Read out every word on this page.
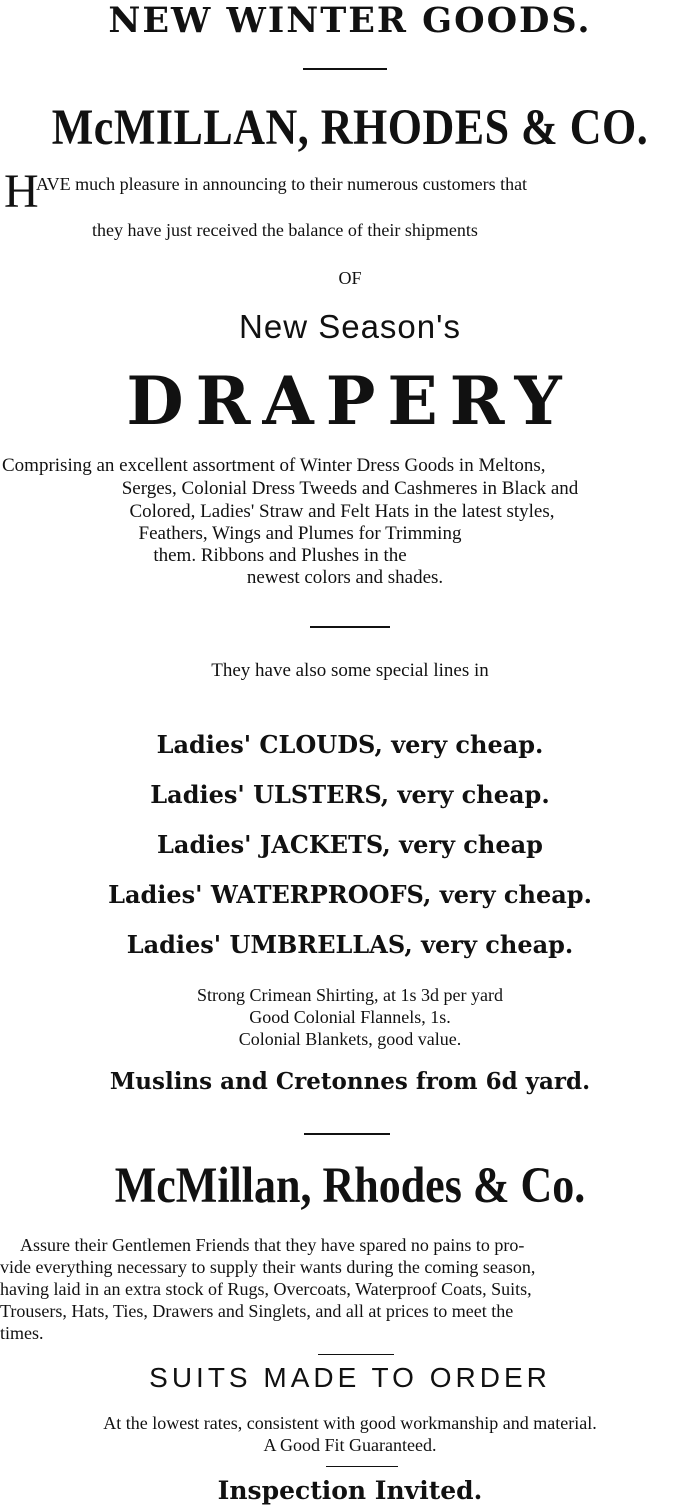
NEW WINTER GOODS.
McMILLAN, RHODES & CO.
H
AVE much pleasure in announcing to their numerous customers that
they have just received the balance of their shipments
OF
New Season's
DRAPERY
Comprising an excellent assortment of Winter Dress Goods in Meltons,
Serges, Colonial Dress Tweeds and Cashmeres in Black and
Colored, Ladies' Straw and Felt Hats in the latest styles,
Feathers, Wings and Plumes for Trimming
them. Ribbons and Plushes in the
newest colors and shades.
They have also some special lines in
Ladies' CLOUDS, very cheap.
Ladies' ULSTERS, very cheap.
Ladies' JACKETS, very cheap
Ladies' WATERPROOFS, very cheap.
Ladies' UMBRELLAS, very cheap.
Strong Crimean Shirting, at 1s 3d per yard
Good Colonial Flannels, 1s.
Colonial Blankets, good value.
Muslins and Cretonnes from 6d yard.
McMillan, Rhodes & Co.
Assure their Gentlemen Friends that they have spared no pains to pro-
vide everything necessary to supply their wants during the coming season,
having laid in an extra stock of Rugs, Overcoats, Waterproof Coats, Suits,
Trousers, Hats, Ties, Drawers and Singlets, and all at prices to meet the
times.
SUITS MADE TO ORDER
At the lowest rates, consistent with good workmanship and material.
A Good Fit Guaranteed.
Inspection Invited.
